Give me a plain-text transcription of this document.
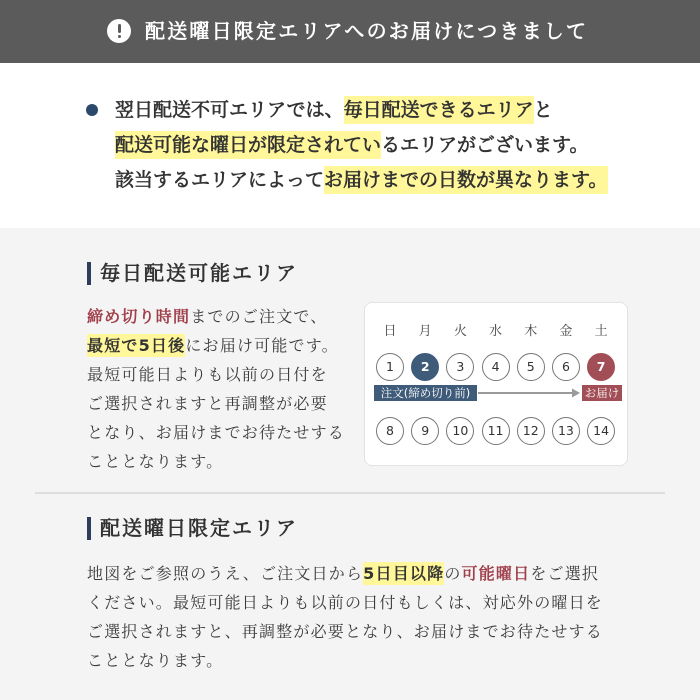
配送曜日限定エリアへのお届けにつきまして
翌日配送不可エリアでは、毎日配送できるエリアと
配送可能な曜日が限定されているエリアがございます。
該当するエリアによってお届けまでの日数が異なります。
毎日配送可能エリア
締め切り時間までのご注文で、
最短で5日後にお届け可能です。
最短可能日よりも以前の日付を
ご選択されますと再調整が必要
となり、お届けまでお待たせする
こととなります。
日	月	火	水	木	金	土
1	2	3	4	5	6	7
注文(締め切り前)	お届け
8	9	10	11	12	13	14
配送曜日限定エリア
地図をご参照のうえ、ご注文日から5日目以降の可能曜日をご選択
ください。最短可能日よりも以前の日付もしくは、対応外の曜日を
ご選択されますと、再調整が必要となり、お届けまでお待たせする
こととなります。
